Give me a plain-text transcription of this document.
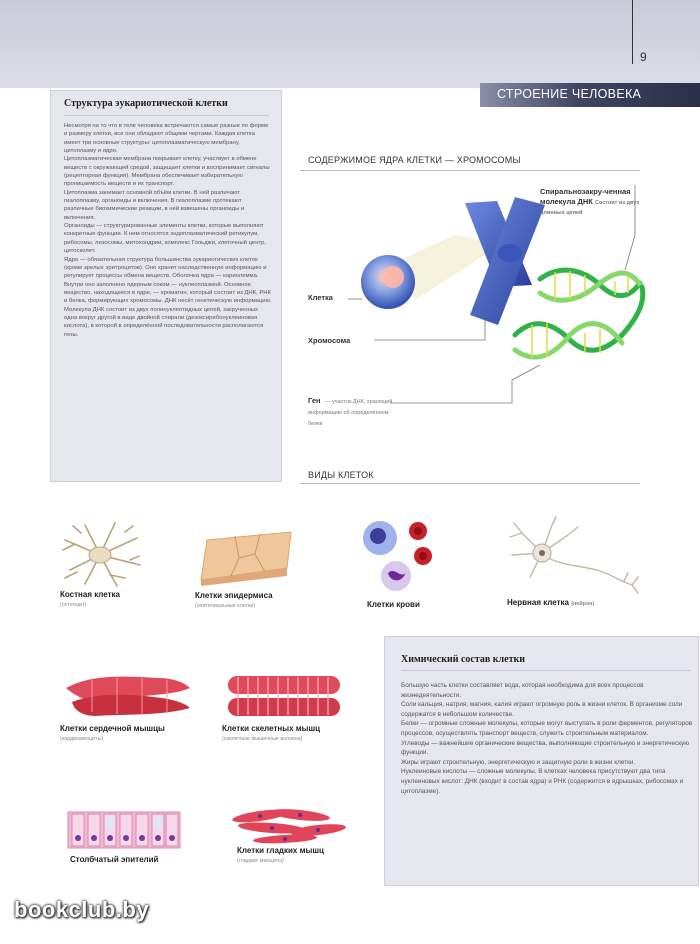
9
СТРОЕНИЕ ЧЕЛОВЕКА
Структура эукариотической клетки

Несмотря на то что в теле человека встречаются самые разные по форме и размеру клетки, все они обладают общими чертами. Каждая клетка имеет три основные структуры: цитоплазматическую мембрану, цитоплазму и ядро.

Цитоплазматическая мембрана покрывает клетку, участвует в обмене веществ с окружающей средой, защищает клетки и воспринимает сигналы (рецепторная функция). Мембрана обеспечивает избирательную проницаемость веществ и их транспорт.

Цитоплазма занимает основной объём клетки. В ней различают гиалоплазму, органоиды и включения. В гиалоплазме протекают различные биохимические реакции, в ней взвешены органоиды и включения.

Органоиды — структурированные элементы клетки, которые выполняют конкретные функции. К ним относятся эндоплазматический ретикулум, рибосомы, лизосомы, митохондрии, комплекс Гольджи, клеточный центр, цитоскелет.

Ядро — обязательная структура большинства эукариотических клеток (кроме зрелых эритроцитов). Оно хранит наследственную информацию и регулирует процессы обмена веществ. Оболочка ядра — кариолемма. Внутри оно заполнено ядерным соком — нуклеоплазмой. Основное вещество, находящееся в ядре, — хроматин, который состоит из ДНК, РНК и белка, формирующих хромосомы. ДНК несёт генетическую информацию. Молекула ДНК состоит из двух полинуклеотидных цепей, закрученных одна вокруг другой в виде двойной спирали (дезоксирибонуклеиновая кислота), в которой в определённой последовательности располагаются гены.

СОДЕРЖИМОЕ ЯДРА КЛЕТКИ — ХРОМОСОМЫ
Спиральнозакру-ченная молекула ДНК Состоит из двух длинных цепей
Клетка
Хромосома
Ген — участок ДНК, хранящий информацию об определённом белке
ВИДЫ КЛЕТОК
Костная клетка
(остеоцит)
Клетки эпидермиса
(эпителиальные клетки)	Клетки крови	Нервная клетка (нейрон)
Клетки сердечной мышцы
(кардиомиоциты)
Клетки скелетных мышц
(скелетные мышечные волокна)
Столбчатый эпителий
Клетки гладких мышц
(гладкие миоциты)
Химический состав клетки

Большую часть клетки составляет вода, которая необходима для всех процессов жизнедеятельности.

Соли кальция, натрия, магния, калия играют огромную роль в жизни клеток. В организме соли содержатся в небольшом количестве.

Белки — огромные сложные молекулы, которые могут выступать в роли ферментов, регуляторов процессов, осуществлять транспорт веществ, служить строительным материалом.

Углеводы — важнейшие органические вещества, выполняющие строительную и энергетическую функции.

Жиры играют строительную, энергетическую и защитную роли в жизни клетки.

Нуклеиновые кислоты — сложные молекулы. В клетках человека присутствуют два типа нуклеиновых кислот: ДНК (входит в состав ядра) и РНК (содержится в ядрышках, рибосомах и цитоплазме).

bookclub.by
